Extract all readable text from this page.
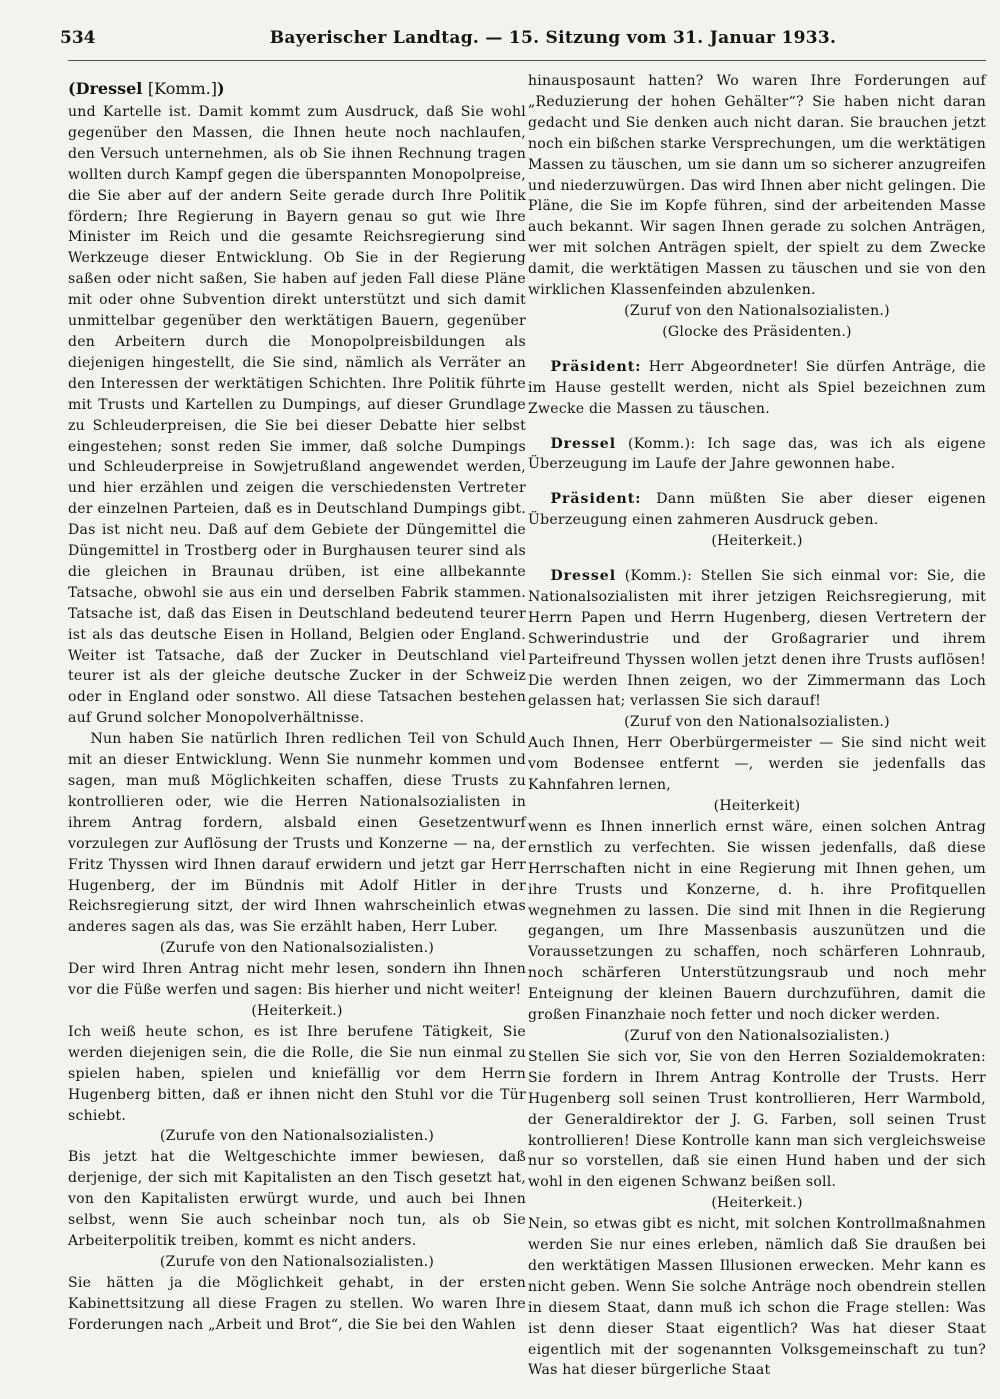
534	Bayerischer Landtag. — 15. Sitzung vom 31. Januar 1933.
(Dressel [Komm.])

und Kartelle ist. Damit kommt zum Ausdruck, daß Sie wohl gegenüber den Massen, die Ihnen heute noch nachlaufen, den Versuch unternehmen, als ob Sie ihnen Rechnung tragen wollten durch Kampf gegen die überspannten Monopolpreise, die Sie aber auf der andern Seite gerade durch Ihre Politik fördern; Ihre Regierung in Bayern genau so gut wie Ihre Minister im Reich und die gesamte Reichsregierung sind Werkzeuge dieser Entwicklung. Ob Sie in der Regierung saßen oder nicht saßen, Sie haben auf jeden Fall diese Pläne mit oder ohne Subvention direkt unterstützt und sich damit unmittelbar gegenüber den werktätigen Bauern, gegenüber den Arbeitern durch die Monopolpreisbildungen als diejenigen hingestellt, die Sie sind, nämlich als Verräter an den Interessen der werktätigen Schichten. Ihre Politik führte mit Trusts und Kartellen zu Dumpings, auf dieser Grundlage zu Schleuderpreisen, die Sie bei dieser Debatte hier selbst eingestehen; sonst reden Sie immer, daß solche Dumpings und Schleuderpreise in Sowjetrußland angewendet werden, und hier erzählen und zeigen die verschiedensten Vertreter der einzelnen Parteien, daß es in Deutschland Dumpings gibt. Das ist nicht neu. Daß auf dem Gebiete der Düngemittel die Düngemittel in Trostberg oder in Burghausen teurer sind als die gleichen in Braunau drüben, ist eine allbekannte Tatsache, obwohl sie aus ein und derselben Fabrik stammen. Tatsache ist, daß das Eisen in Deutschland bedeutend teurer ist als das deutsche Eisen in Holland, Belgien oder England. Weiter ist Tatsache, daß der Zucker in Deutschland viel teurer ist als der gleiche deutsche Zucker in der Schweiz oder in England oder sonstwo. All diese Tatsachen bestehen auf Grund solcher Monopolverhältnisse.

Nun haben Sie natürlich Ihren redlichen Teil von Schuld mit an dieser Entwicklung. Wenn Sie nunmehr kommen und sagen, man muß Möglichkeiten schaffen, diese Trusts zu kontrollieren oder, wie die Herren Nationalsozialisten in ihrem Antrag fordern, alsbald einen Gesetzentwurf vorzulegen zur Auflösung der Trusts und Konzerne — na, der Fritz Thyssen wird Ihnen darauf erwidern und jetzt gar Herr Hugenberg, der im Bündnis mit Adolf Hitler in der Reichsregierung sitzt, der wird Ihnen wahrscheinlich etwas anderes sagen als das, was Sie erzählt haben, Herr Luber.

(Zurufe von den Nationalsozialisten.)

Der wird Ihren Antrag nicht mehr lesen, sondern ihn Ihnen vor die Füße werfen und sagen: Bis hierher und nicht weiter!

(Heiterkeit.)

Ich weiß heute schon, es ist Ihre berufene Tätigkeit, Sie werden diejenigen sein, die die Rolle, die Sie nun einmal zu spielen haben, spielen und kniefällig vor dem Herrn Hugenberg bitten, daß er ihnen nicht den Stuhl vor die Tür schiebt.

(Zurufe von den Nationalsozialisten.)

Bis jetzt hat die Weltgeschichte immer bewiesen, daß derjenige, der sich mit Kapitalisten an den Tisch gesetzt hat, von den Kapitalisten erwürgt wurde, und auch bei Ihnen selbst, wenn Sie auch scheinbar noch tun, als ob Sie Arbeiterpolitik treiben, kommt es nicht anders.

(Zurufe von den Nationalsozialisten.)

Sie hätten ja die Möglichkeit gehabt, in der ersten Kabinettsitzung all diese Fragen zu stellen. Wo waren Ihre Forderungen nach „Arbeit und Brot“, die Sie bei den Wahlen

hinausposaunt hatten? Wo waren Ihre Forderungen auf „Reduzierung der hohen Gehälter“? Sie haben nicht daran gedacht und Sie denken auch nicht daran. Sie brauchen jetzt noch ein bißchen starke Versprechungen, um die werktätigen Massen zu täuschen, um sie dann um so sicherer anzugreifen und niederzuwürgen. Das wird Ihnen aber nicht gelingen. Die Pläne, die Sie im Kopfe führen, sind der arbeitenden Masse auch bekannt. Wir sagen Ihnen gerade zu solchen Anträgen, wer mit solchen Anträgen spielt, der spielt zu dem Zwecke damit, die werktätigen Massen zu täuschen und sie von den wirklichen Klassenfeinden abzulenken.

(Zuruf von den Nationalsozialisten.)

(Glocke des Präsidenten.)

Präsident: Herr Abgeordneter! Sie dürfen Anträge, die im Hause gestellt werden, nicht als Spiel bezeichnen zum Zwecke die Massen zu täuschen.

Dressel (Komm.): Ich sage das, was ich als eigene Überzeugung im Laufe der Jahre gewonnen habe.

Präsident: Dann müßten Sie aber dieser eigenen Überzeugung einen zahmeren Ausdruck geben.

(Heiterkeit.)

Dressel (Komm.): Stellen Sie sich einmal vor: Sie, die Nationalsozialisten mit ihrer jetzigen Reichsregierung, mit Herrn Papen und Herrn Hugenberg, diesen Vertretern der Schwerindustrie und der Großagrarier und ihrem Parteifreund Thyssen wollen jetzt denen ihre Trusts auflösen! Die werden Ihnen zeigen, wo der Zimmermann das Loch gelassen hat; verlassen Sie sich darauf!

(Zuruf von den Nationalsozialisten.)

Auch Ihnen, Herr Oberbürgermeister — Sie sind nicht weit vom Bodensee entfernt —, werden sie jedenfalls das Kahnfahren lernen,

(Heiterkeit)

wenn es Ihnen innerlich ernst wäre, einen solchen Antrag ernstlich zu verfechten. Sie wissen jedenfalls, daß diese Herrschaften nicht in eine Regierung mit Ihnen gehen, um ihre Trusts und Konzerne, d. h. ihre Profitquellen wegnehmen zu lassen. Die sind mit Ihnen in die Regierung gegangen, um Ihre Massenbasis auszunützen und die Voraussetzungen zu schaffen, noch schärferen Lohnraub, noch schärferen Unterstützungsraub und noch mehr Enteignung der kleinen Bauern durchzuführen, damit die großen Finanzhaie noch fetter und noch dicker werden.

(Zuruf von den Nationalsozialisten.)

Stellen Sie sich vor, Sie von den Herren Sozialdemokraten: Sie fordern in Ihrem Antrag Kontrolle der Trusts. Herr Hugenberg soll seinen Trust kontrollieren, Herr Warmbold, der Generaldirektor der J. G. Farben, soll seinen Trust kontrollieren! Diese Kontrolle kann man sich vergleichsweise nur so vorstellen, daß sie einen Hund haben und der sich wohl in den eigenen Schwanz beißen soll.

(Heiterkeit.)

Nein, so etwas gibt es nicht, mit solchen Kontrollmaßnahmen werden Sie nur eines erleben, nämlich daß Sie draußen bei den werktätigen Massen Illusionen erwecken. Mehr kann es nicht geben. Wenn Sie solche Anträge noch obendrein stellen in diesem Staat, dann muß ich schon die Frage stellen: Was ist denn dieser Staat eigentlich? Was hat dieser Staat eigentlich mit der sogenannten Volksgemeinschaft zu tun? Was hat dieser bürgerliche Staat
